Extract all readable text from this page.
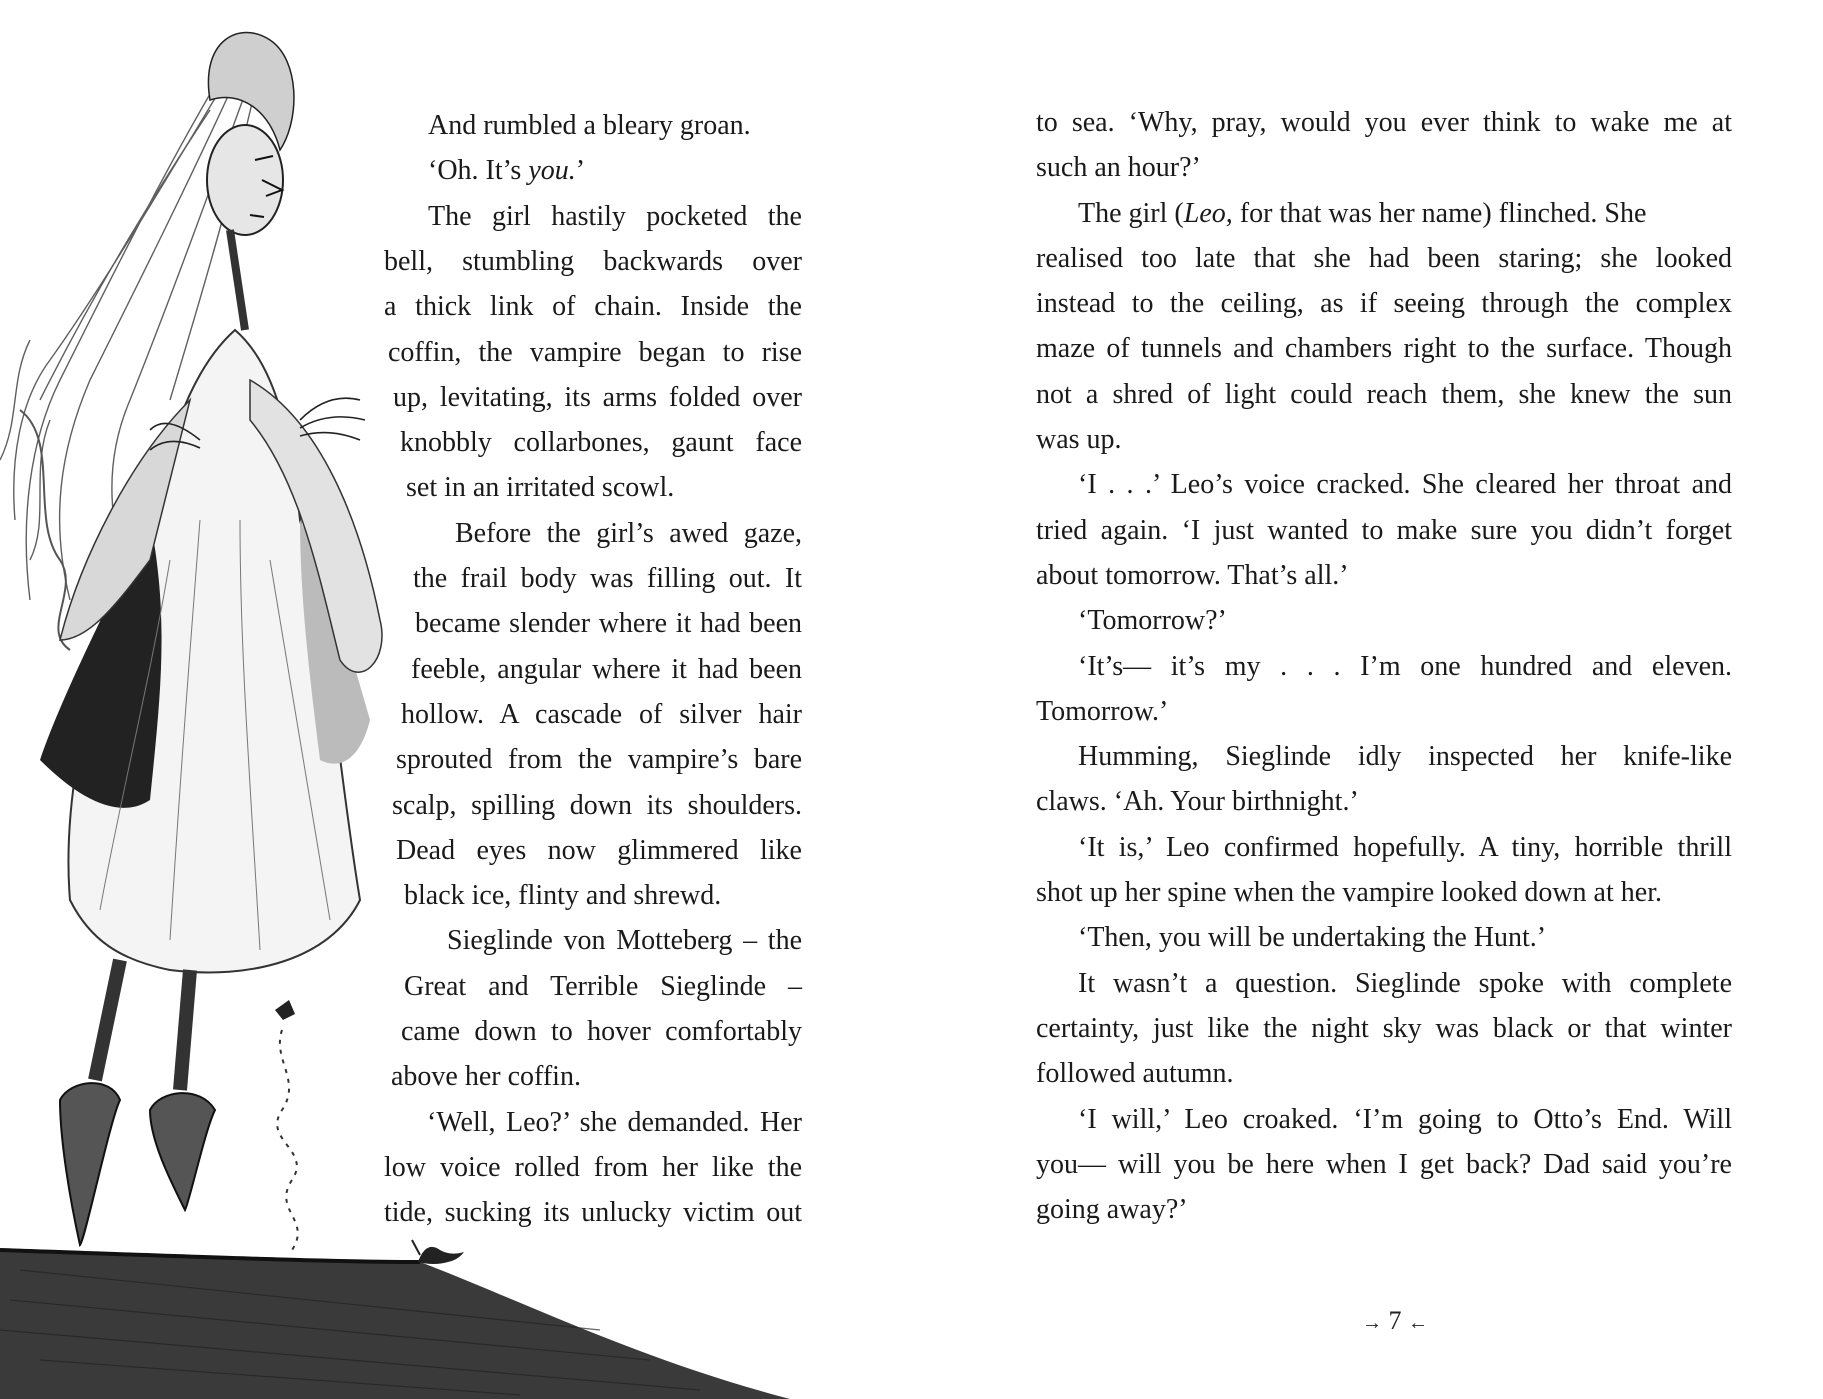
And rumbled a bleary groan.
‘Oh. It’s you.’
The girl hastily pocketed the
bell, stumbling backwards over
a thick link of chain. Inside the
coffin, the vampire began to rise
up, levitating, its arms folded over
knobbly collarbones, gaunt face
set in an irritated scowl.
Before the girl’s awed gaze,
the frail body was filling out. It
became slender where it had been
feeble, angular where it had been
hollow. A cascade of silver hair
sprouted from the vampire’s bare
scalp, spilling down its shoulders.
Dead eyes now glimmered like
black ice, flinty and shrewd.
Sieglinde von Motteberg – the
Great and Terrible Sieglinde –
came down to hover comfortably
above her coffin.
‘Well, Leo?’ she demanded. Her
low voice rolled from her like the
tide, sucking its unlucky victim out
to sea. ‘Why, pray, would you ever think to wake me at
such an hour?’
The girl (Leo, for that was her name) flinched. She
realised too late that she had been staring; she looked
instead to the ceiling, as if seeing through the complex
maze of tunnels and chambers right to the surface. Though
not a shred of light could reach them, she knew the sun
was up.
‘I . . .’ Leo’s voice cracked. She cleared her throat and
tried again. ‘I just wanted to make sure you didn’t forget
about tomorrow. That’s all.’
‘Tomorrow?’
‘It’s— it’s my . . . I’m one hundred and eleven.
Tomorrow.’
Humming, Sieglinde idly inspected her knife-like
claws. ‘Ah. Your birthnight.’
‘It is,’ Leo confirmed hopefully. A tiny, horrible thrill
shot up her spine when the vampire looked down at her.
‘Then, you will be undertaking the Hunt.’
It wasn’t a question. Sieglinde spoke with complete
certainty, just like the night sky was black or that winter
followed autumn.
‘I will,’ Leo croaked. ‘I’m going to Otto’s End. Will
you— will you be here when I get back? Dad said you’re
going away?’
→ 7 ←
